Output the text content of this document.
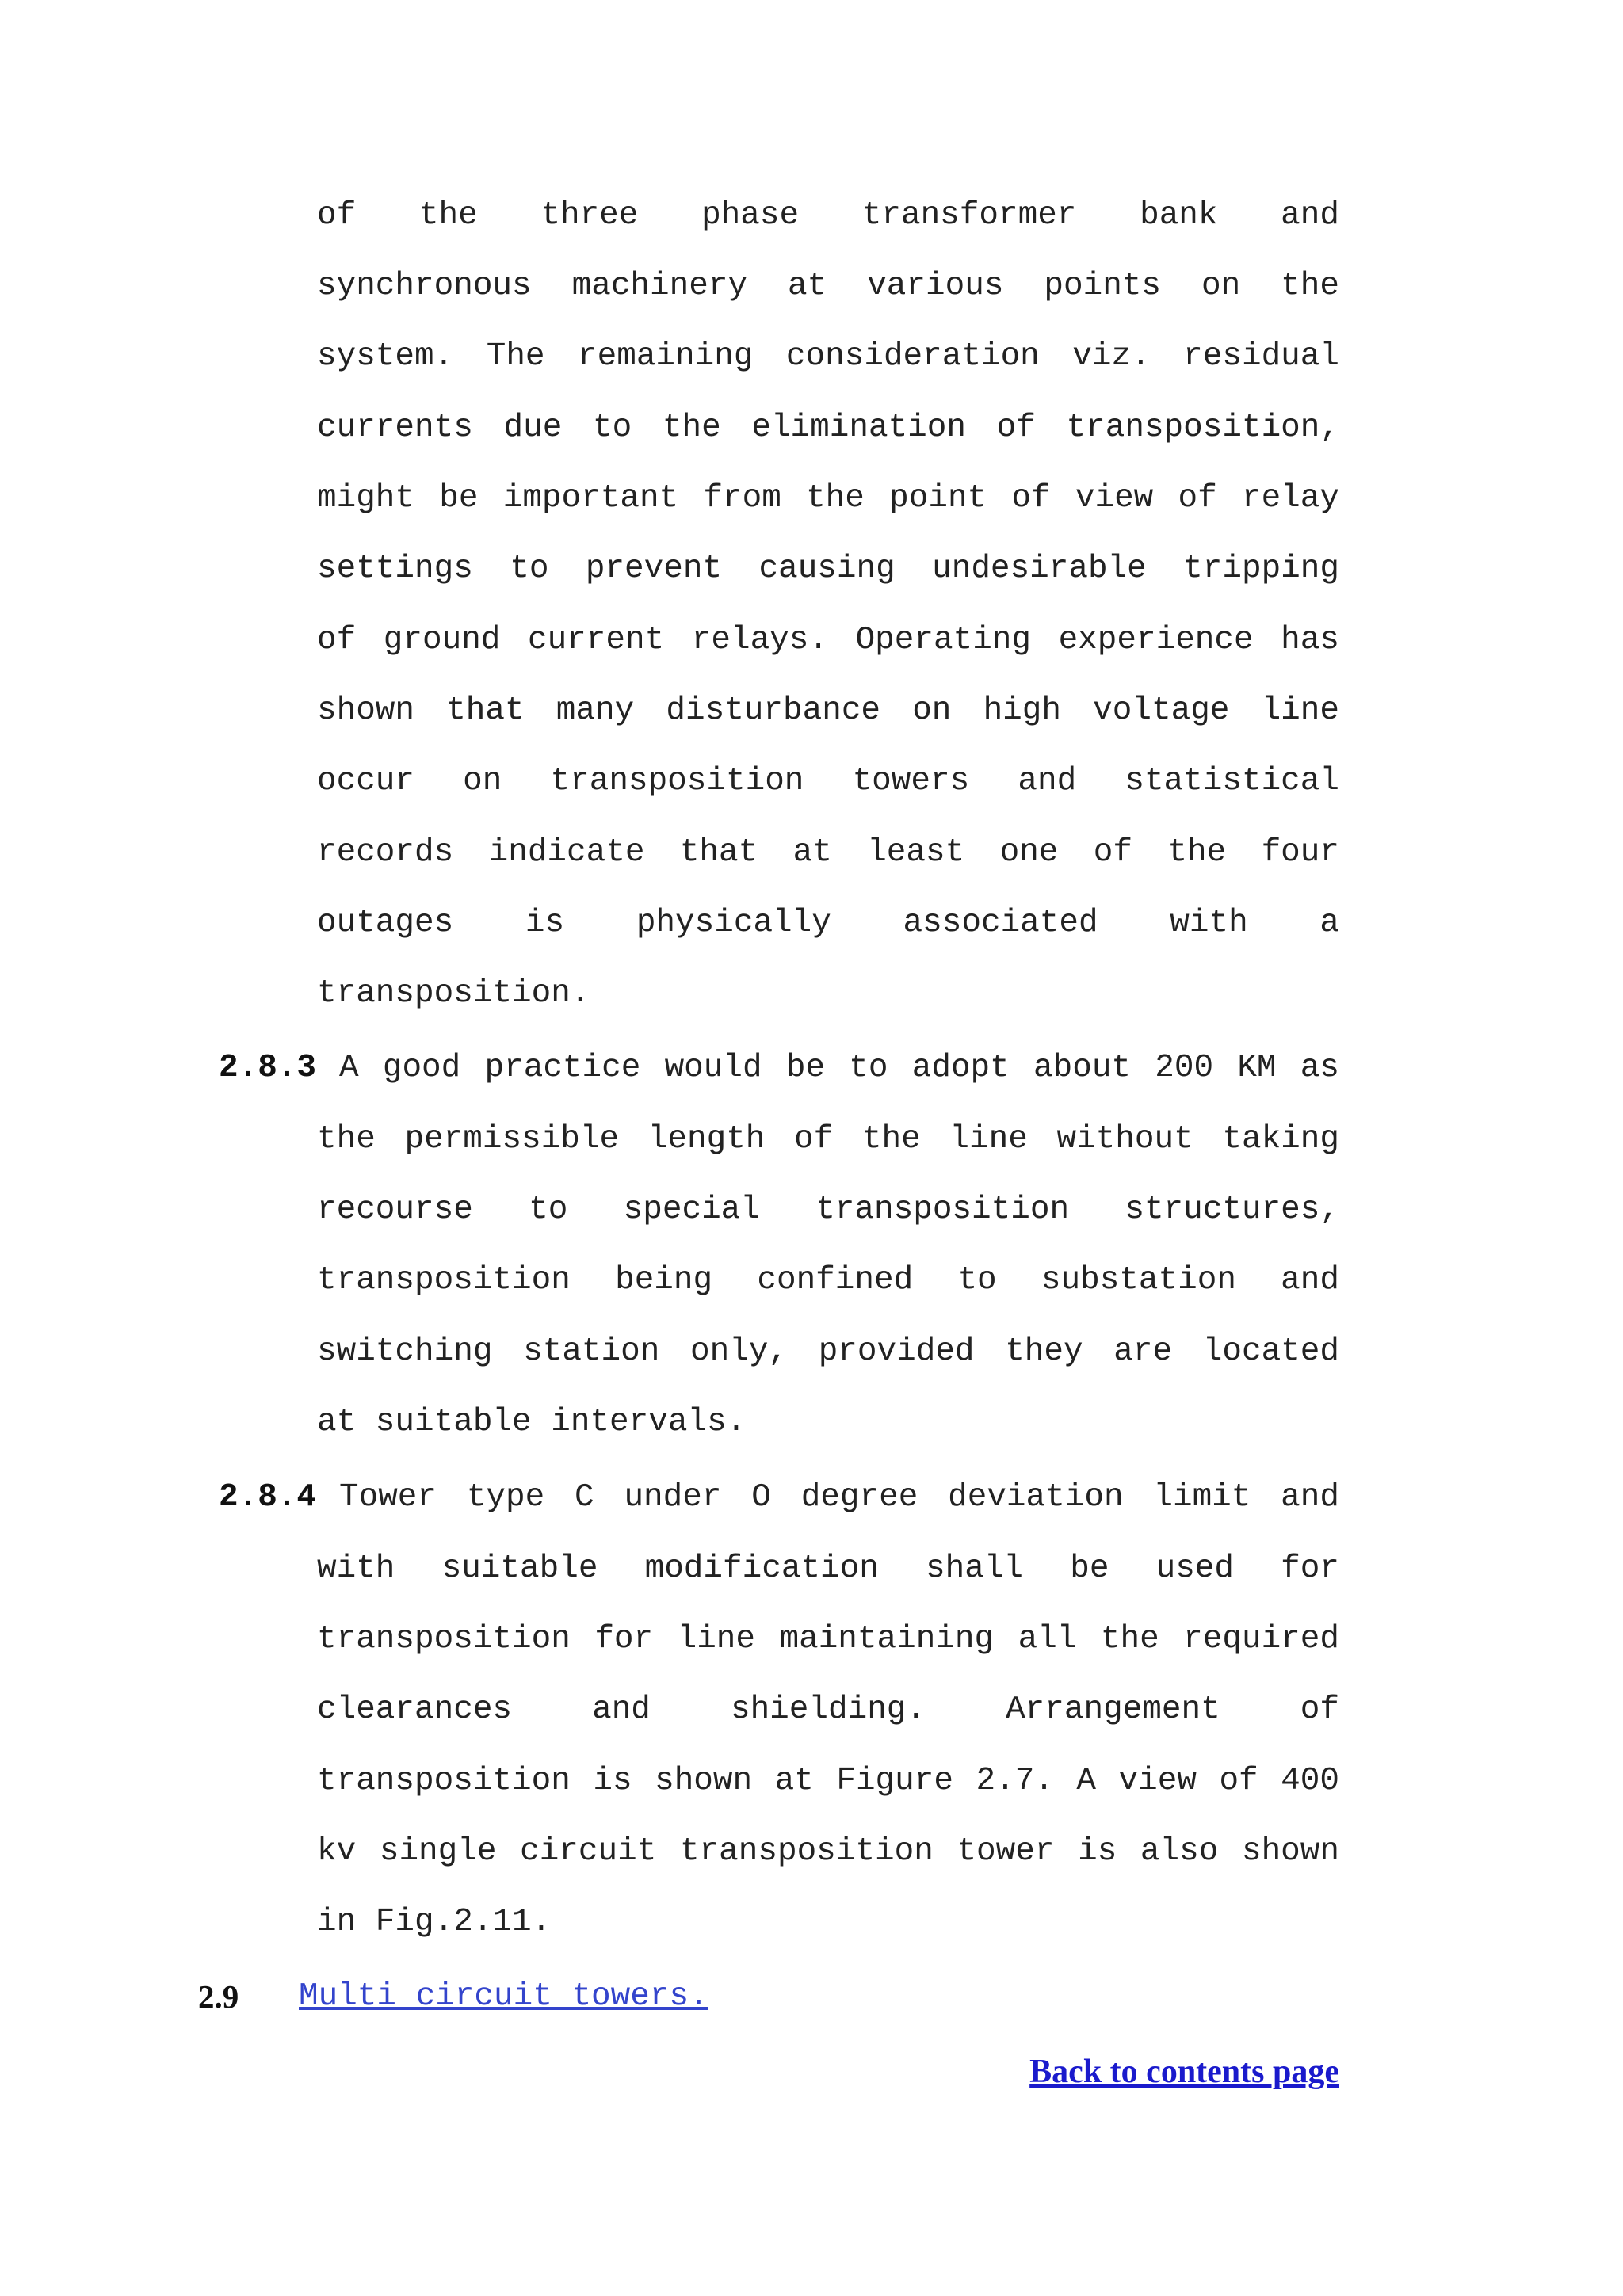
of the three phase transformer bank and
synchronous machinery at various points on the
system. The remaining consideration viz. residual
currents due to the elimination of transposition,
might be important from the point of view of relay
settings to prevent causing undesirable tripping
of ground current relays. Operating experience has
shown that many disturbance on high voltage line
occur on transposition towers and statistical
records indicate that at least one of the four
outages is physically associated with a
transposition.
2.8.3 A good practice would be to adopt about 200 KM as
the permissible length of the line without taking
recourse to special transposition structures,
transposition being confined to substation and
switching station only, provided they are located
at suitable intervals.
2.8.4 Tower type C under O degree deviation limit and
with suitable modification shall be used for
transposition for line maintaining all the required
clearances and shielding. Arrangement of
transposition is shown at Figure 2.7. A view of 400
kv single circuit transposition tower is also shown
in Fig.2.11.
2.9 Multi circuit towers.
Back to contents page
